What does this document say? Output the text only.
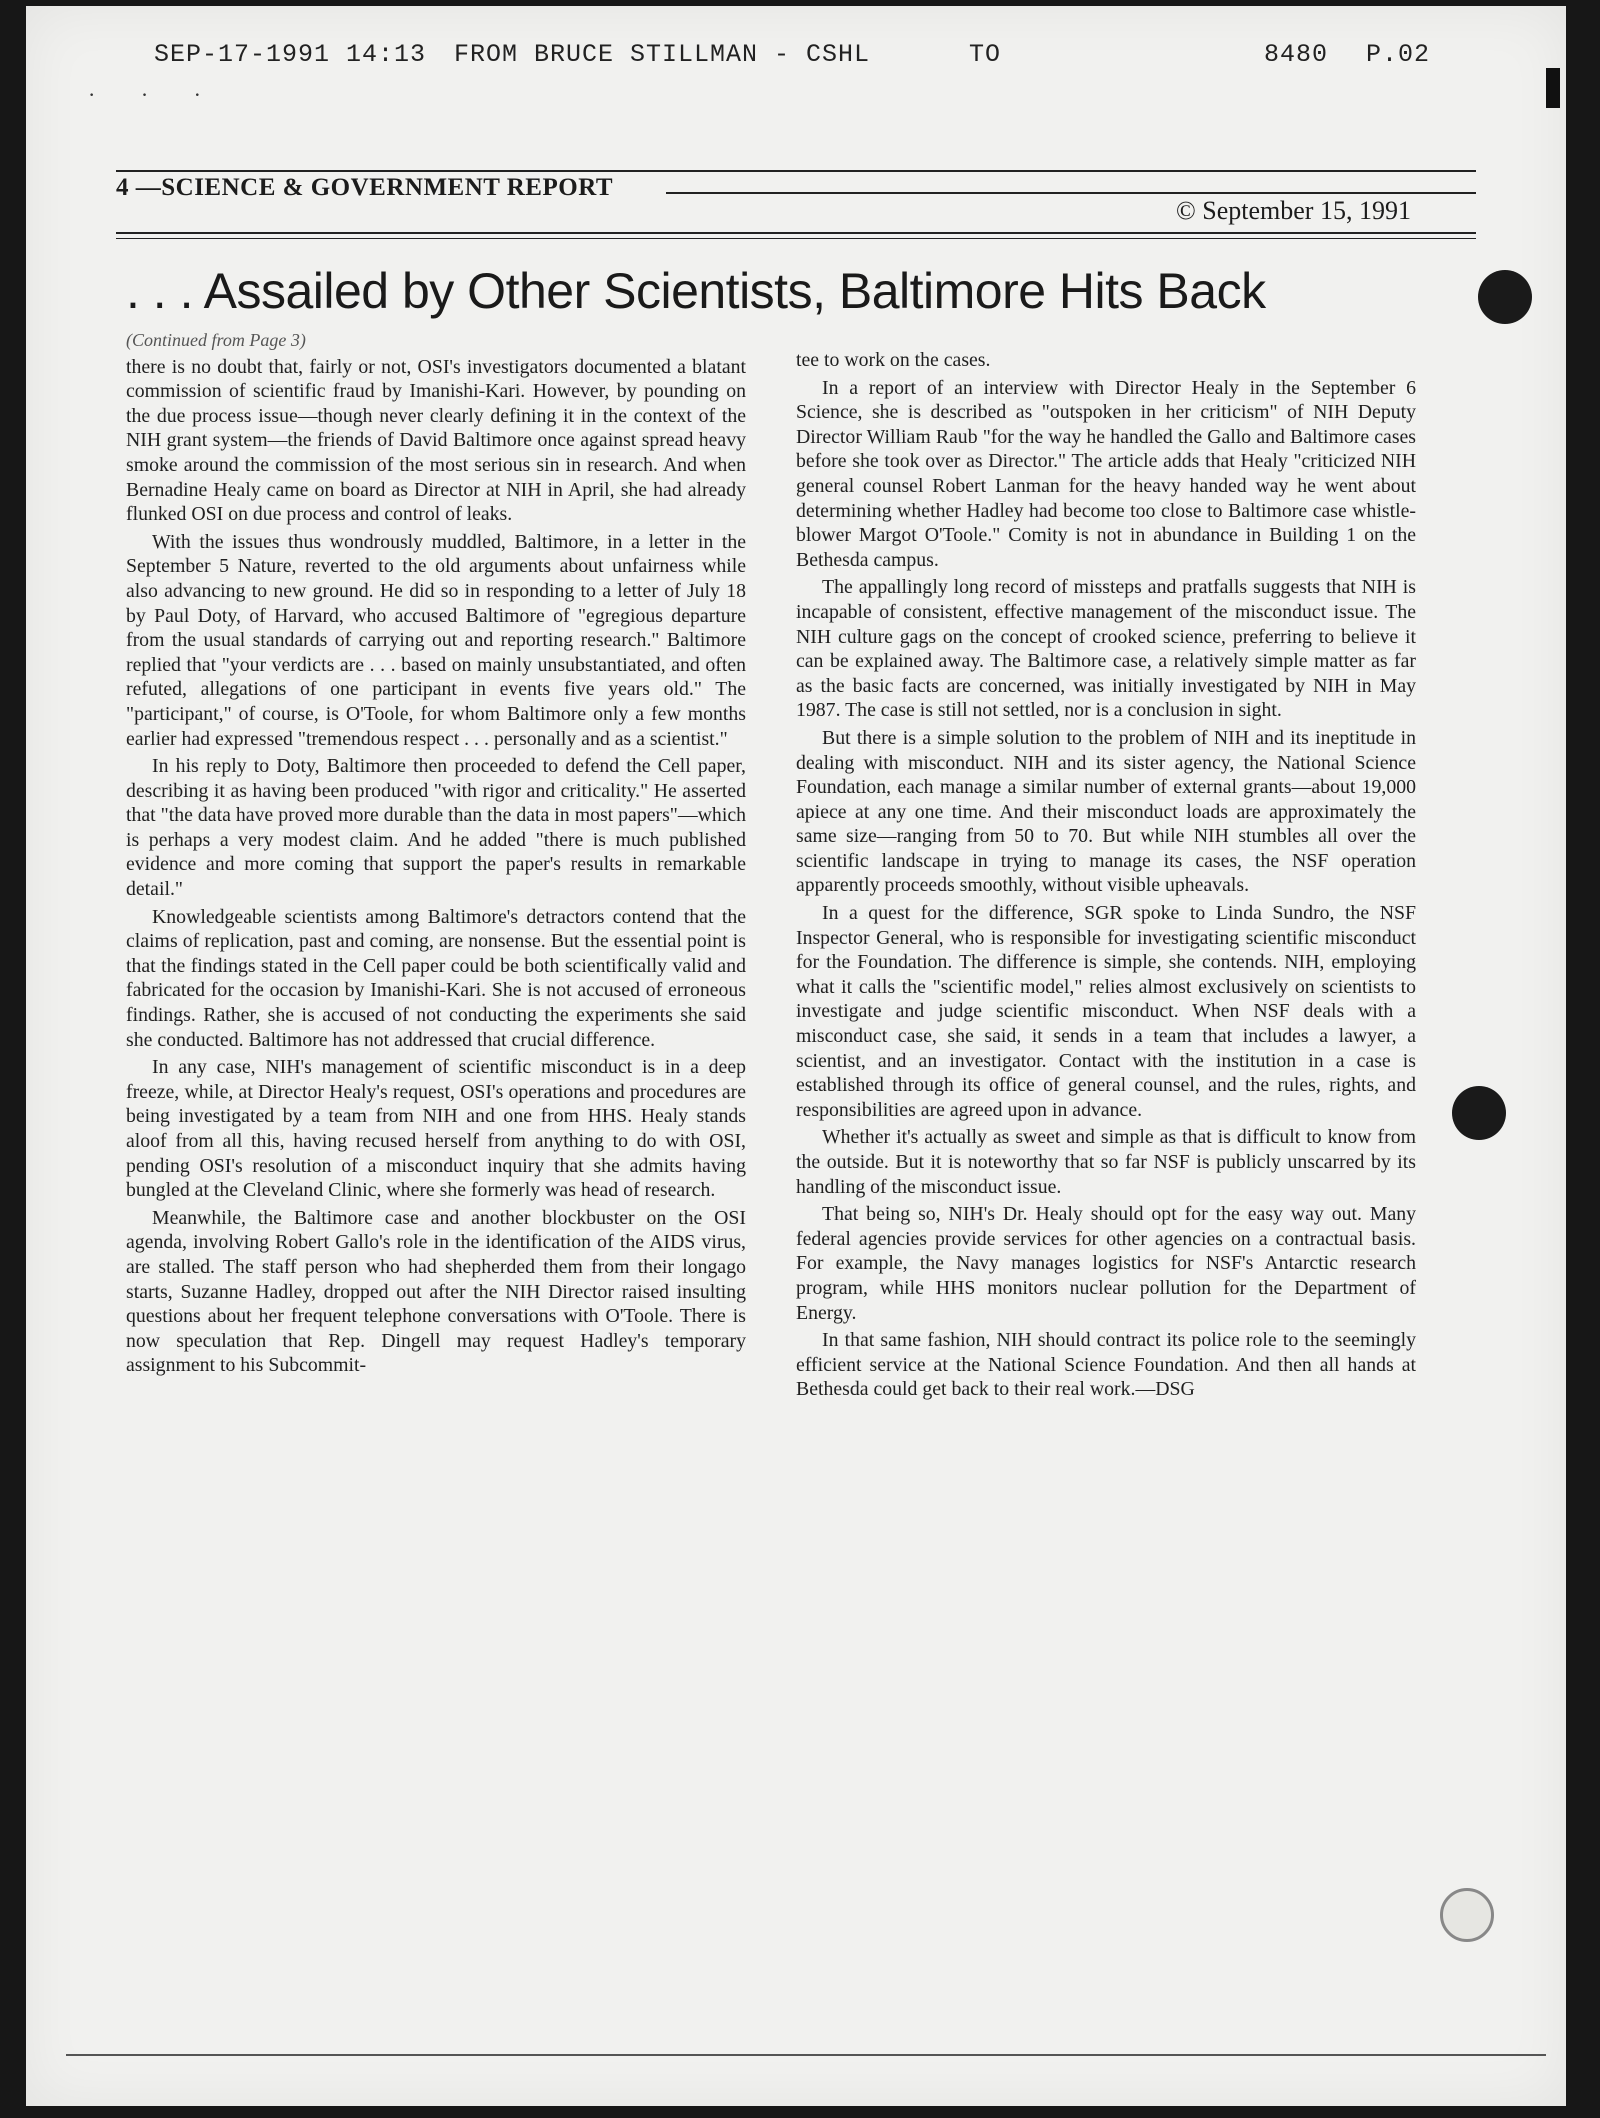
SEP-17-1991 14:13 FROM BRUCE STILLMAN - CSHL	TO	8480 P.02
· · ·
4 —SCIENCE & GOVERNMENT REPORT
© September 15, 1991
. . . Assailed by Other Scientists, Baltimore Hits Back
(Continued from Page 3)

there is no doubt that, fairly or not, OSI's investigators documented a blatant commission of scientific fraud by Imanishi-Kari. However, by pounding on the due process issue—though never clearly defining it in the context of the NIH grant system—the friends of David Baltimore once against spread heavy smoke around the commission of the most serious sin in research. And when Bernadine Healy came on board as Director at NIH in April, she had already flunked OSI on due process and control of leaks.

With the issues thus wondrously muddled, Baltimore, in a letter in the September 5 Nature, reverted to the old arguments about unfairness while also advancing to new ground. He did so in responding to a letter of July 18 by Paul Doty, of Harvard, who accused Baltimore of "egregious departure from the usual standards of carrying out and reporting research." Baltimore replied that "your verdicts are . . . based on mainly unsubstantiated, and often refuted, allegations of one participant in events five years old." The "participant," of course, is O'Toole, for whom Baltimore only a few months earlier had expressed "tremendous respect . . . personally and as a scientist."

In his reply to Doty, Baltimore then proceeded to defend the Cell paper, describing it as having been produced "with rigor and criticality." He asserted that "the data have proved more durable than the data in most papers"—which is perhaps a very modest claim. And he added "there is much published evidence and more coming that support the paper's results in remarkable detail."

Knowledgeable scientists among Baltimore's detractors contend that the claims of replication, past and coming, are nonsense. But the essential point is that the findings stated in the Cell paper could be both scientifically valid and fabricated for the occasion by Imanishi-Kari. She is not accused of erroneous findings. Rather, she is accused of not conducting the experiments she said she conducted. Baltimore has not addressed that crucial difference.

In any case, NIH's management of scientific misconduct is in a deep freeze, while, at Director Healy's request, OSI's operations and procedures are being investigated by a team from NIH and one from HHS. Healy stands aloof from all this, having recused herself from anything to do with OSI, pending OSI's resolution of a misconduct inquiry that she admits having bungled at the Cleveland Clinic, where she formerly was head of research.

Meanwhile, the Baltimore case and another blockbuster on the OSI agenda, involving Robert Gallo's role in the identification of the AIDS virus, are stalled. The staff person who had shepherded them from their longago starts, Suzanne Hadley, dropped out after the NIH Director raised insulting questions about her frequent telephone conversations with O'Toole. There is now speculation that Rep. Dingell may request Hadley's temporary assignment to his Subcommit-

tee to work on the cases.

In a report of an interview with Director Healy in the September 6 Science, she is described as "outspoken in her criticism" of NIH Deputy Director William Raub "for the way he handled the Gallo and Baltimore cases before she took over as Director." The article adds that Healy "criticized NIH general counsel Robert Lanman for the heavy handed way he went about determining whether Hadley had become too close to Baltimore case whistle-blower Margot O'Toole." Comity is not in abundance in Building 1 on the Bethesda campus.

The appallingly long record of missteps and pratfalls suggests that NIH is incapable of consistent, effective management of the misconduct issue. The NIH culture gags on the concept of crooked science, preferring to believe it can be explained away. The Baltimore case, a relatively simple matter as far as the basic facts are concerned, was initially investigated by NIH in May 1987. The case is still not settled, nor is a conclusion in sight.

But there is a simple solution to the problem of NIH and its ineptitude in dealing with misconduct. NIH and its sister agency, the National Science Foundation, each manage a similar number of external grants—about 19,000 apiece at any one time. And their misconduct loads are approximately the same size—ranging from 50 to 70. But while NIH stumbles all over the scientific landscape in trying to manage its cases, the NSF operation apparently proceeds smoothly, without visible upheavals.

In a quest for the difference, SGR spoke to Linda Sundro, the NSF Inspector General, who is responsible for investigating scientific misconduct for the Foundation. The difference is simple, she contends. NIH, employing what it calls the "scientific model," relies almost exclusively on scientists to investigate and judge scientific misconduct. When NSF deals with a misconduct case, she said, it sends in a team that includes a lawyer, a scientist, and an investigator. Contact with the institution in a case is established through its office of general counsel, and the rules, rights, and responsibilities are agreed upon in advance.

Whether it's actually as sweet and simple as that is difficult to know from the outside. But it is noteworthy that so far NSF is publicly unscarred by its handling of the misconduct issue.

That being so, NIH's Dr. Healy should opt for the easy way out. Many federal agencies provide services for other agencies on a contractual basis. For example, the Navy manages logistics for NSF's Antarctic research program, while HHS monitors nuclear pollution for the Department of Energy.

In that same fashion, NIH should contract its police role to the seemingly efficient service at the National Science Foundation. And then all hands at Bethesda could get back to their real work.—DSG
